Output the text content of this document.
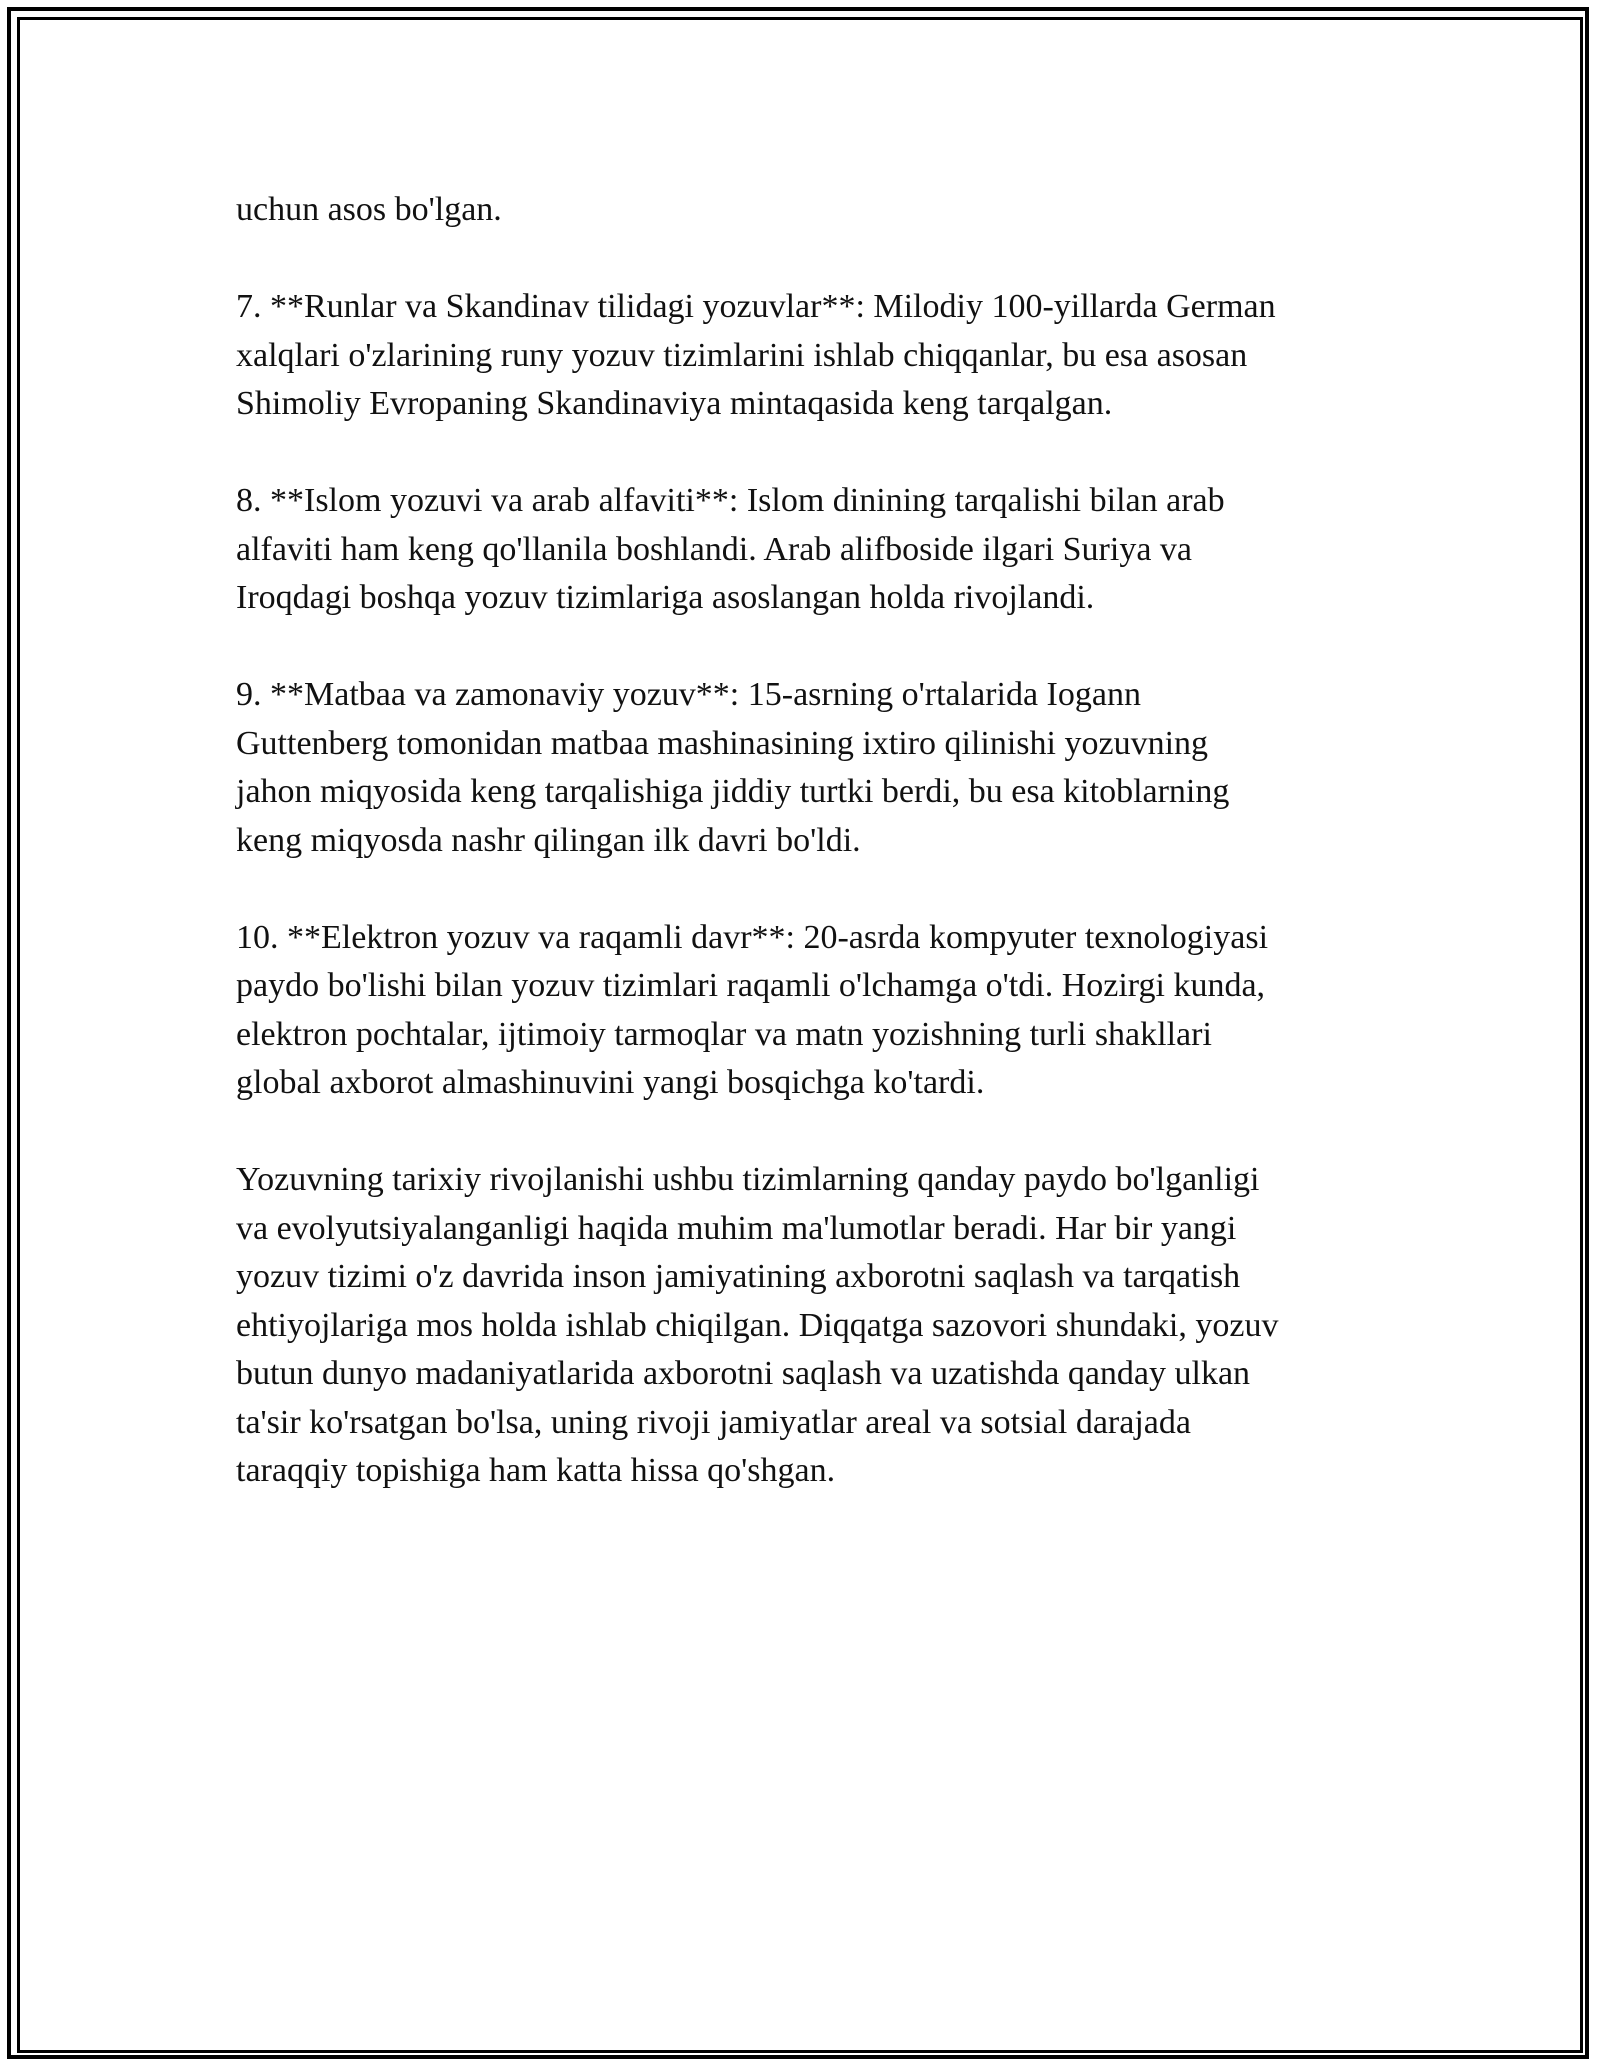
uchun asos bo'lgan.

7. **Runlar va Skandinav tilidagi yozuvlar**: Milodiy 100-yillarda German
xalqlari o'zlarining runy yozuv tizimlarini ishlab chiqqanlar, bu esa asosan
Shimoliy Evropaning Skandinaviya mintaqasida keng tarqalgan.

8. **Islom yozuvi va arab alfaviti**: Islom dinining tarqalishi bilan arab
alfaviti ham keng qo'llanila boshlandi. Arab alifboside ilgari Suriya va
Iroqdagi boshqa yozuv tizimlariga asoslangan holda rivojlandi.

9. **Matbaa va zamonaviy yozuv**: 15-asrning o'rtalarida Iogann
Guttenberg tomonidan matbaa mashinasining ixtiro qilinishi yozuvning
jahon miqyosida keng tarqalishiga jiddiy turtki berdi, bu esa kitoblarning
keng miqyosda nashr qilingan ilk davri bo'ldi.

10. **Elektron yozuv va raqamli davr**: 20-asrda kompyuter texnologiyasi
paydo bo'lishi bilan yozuv tizimlari raqamli o'lchamga o'tdi. Hozirgi kunda,
elektron pochtalar, ijtimoiy tarmoqlar va matn yozishning turli shakllari
global axborot almashinuvini yangi bosqichga ko'tardi.

Yozuvning tarixiy rivojlanishi ushbu tizimlarning qanday paydo bo'lganligi
va evolyutsiyalanganligi haqida muhim ma'lumotlar beradi. Har bir yangi
yozuv tizimi o'z davrida inson jamiyatining axborotni saqlash va tarqatish
ehtiyojlariga mos holda ishlab chiqilgan. Diqqatga sazovori shundaki, yozuv
butun dunyo madaniyatlarida axborotni saqlash va uzatishda qanday ulkan
ta'sir ko'rsatgan bo'lsa, uning rivoji jamiyatlar areal va sotsial darajada
taraqqiy topishiga ham katta hissa qo'shgan.
